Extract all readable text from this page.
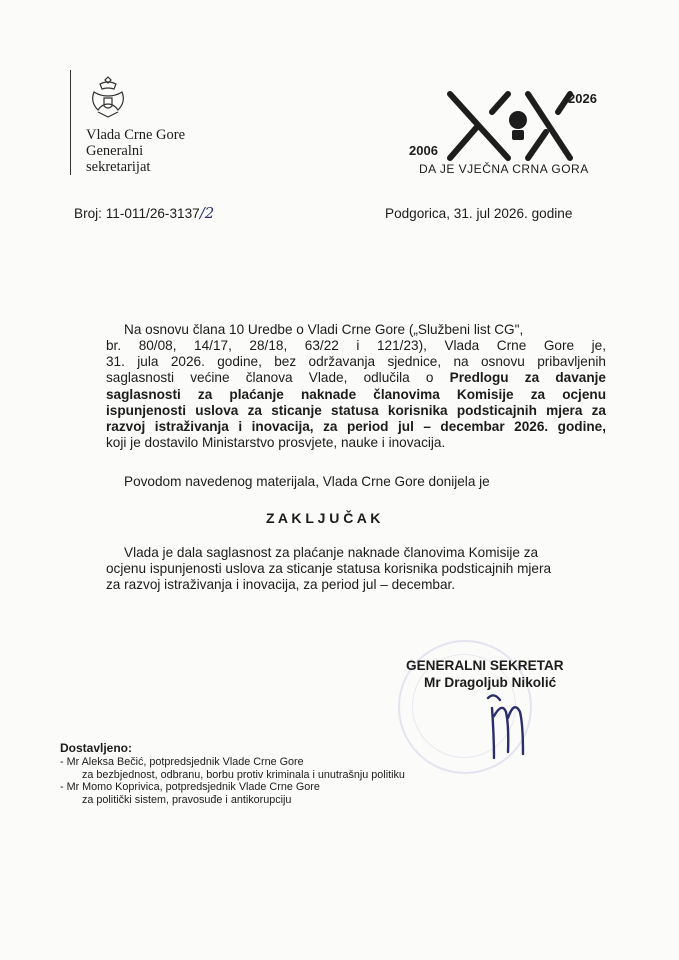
Vlada Crne Gore
Generalni
sekretarijat
2026
2006
DA JE VJEČNA CRNA GORA
Broj: 11-011/26-3137/2	Podgorica, 31. jul 2026. godine
Na osnovu člana 10 Uredbe o Vladi Crne Gore („Službeni list CG",
br. 80/08, 14/17, 28/18, 63/22 i 121/23), Vlada Crne Gore je,
31. jula 2026. godine, bez održavanja sjednice, na osnovu pribavljenih
saglasnosti većine članova Vlade, odlučila o Predlogu za davanje
saglasnosti za plaćanje naknade članovima Komisije za ocjenu
ispunjenosti uslova za sticanje statusa korisnika podsticajnih mjera za
razvoj istraživanja i inovacija, za period jul – decembar 2026. godine,
koji je dostavilo Ministarstvo prosvjete, nauke i inovacija.
Povodom navedenog materijala, Vlada Crne Gore donijela je
Z A K L J U Č A K
Vlada je dala saglasnost za plaćanje naknade članovima Komisije za
ocjenu ispunjenosti uslova za sticanje statusa korisnika podsticajnih mjera
za razvoj istraživanja i inovacija, za period jul – decembar.
GENERALNI SEKRETAR
Mr Dragoljub Nikolić
Dostavljeno:
- Mr Aleksa Bečić, potpredsjednik Vlade Crne Gore
za bezbjednost, odbranu, borbu protiv kriminala i unutrašnju politiku
- Mr Momo Koprivica, potpredsjednik Vlade Crne Gore
za politički sistem, pravosuđe i antikorupciju
